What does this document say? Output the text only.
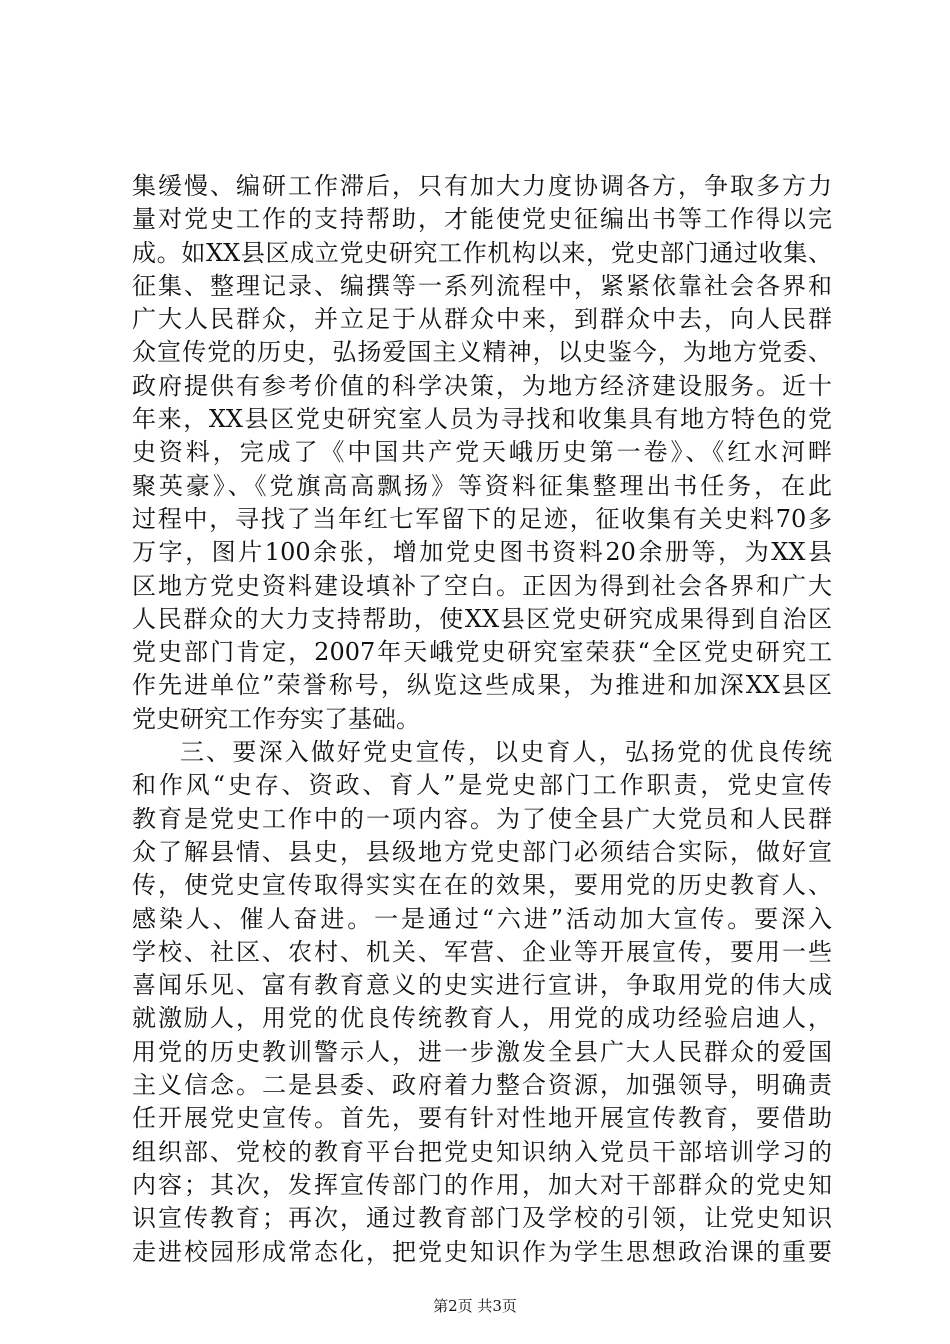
集缓慢、编研工作滞后，只有加大力度协调各方，争取多方力
量对党史工作的支持帮助，才能使党史征编出书等工作得以完
成。如XX县区成立党史研究工作机构以来，党史部门通过收集、
征集、整理记录、编撰等一系列流程中，紧紧依靠社会各界和
广大人民群众，并立足于从群众中来，到群众中去，向人民群
众宣传党的历史，弘扬爱国主义精神，以史鉴今，为地方党委、
政府提供有参考价值的科学决策，为地方经济建设服务。近十
年来，XX县区党史研究室人员为寻找和收集具有地方特色的党
史资料，完成了《中国共产党天峨历史第一卷》、《红水河畔
聚英豪》、《党旗高高飘扬》等资料征集整理出书任务，在此
过程中，寻找了当年红七军留下的足迹，征收集有关史料70多
万字，图片100余张，增加党史图书资料20余册等，为XX县
区地方党史资料建设填补了空白。正因为得到社会各界和广大
人民群众的大力支持帮助，使XX县区党史研究成果得到自治区
党史部门肯定，2007年天峨党史研究室荣获“全区党史研究工
作先进单位”荣誉称号，纵览这些成果，为推进和加深XX县区
党史研究工作夯实了基础。
三、要深入做好党史宣传，以史育人，弘扬党的优良传统
和作风“史存、资政、育人”是党史部门工作职责，党史宣传
教育是党史工作中的一项内容。为了使全县广大党员和人民群
众了解县情、县史，县级地方党史部门必须结合实际，做好宣
传，使党史宣传取得实实在在的效果，要用党的历史教育人、
感染人、催人奋进。一是通过“六进”活动加大宣传。要深入
学校、社区、农村、机关、军营、企业等开展宣传，要用一些
喜闻乐见、富有教育意义的史实进行宣讲，争取用党的伟大成
就激励人，用党的优良传统教育人，用党的成功经验启迪人，
用党的历史教训警示人，进一步激发全县广大人民群众的爱国
主义信念。二是县委、政府着力整合资源，加强领导，明确责
任开展党史宣传。首先，要有针对性地开展宣传教育，要借助
组织部、党校的教育平台把党史知识纳入党员干部培训学习的
内容；其次，发挥宣传部门的作用，加大对干部群众的党史知
识宣传教育；再次，通过教育部门及学校的引领，让党史知识
走进校园形成常态化，把党史知识作为学生思想政治课的重要
第2页 共3页
